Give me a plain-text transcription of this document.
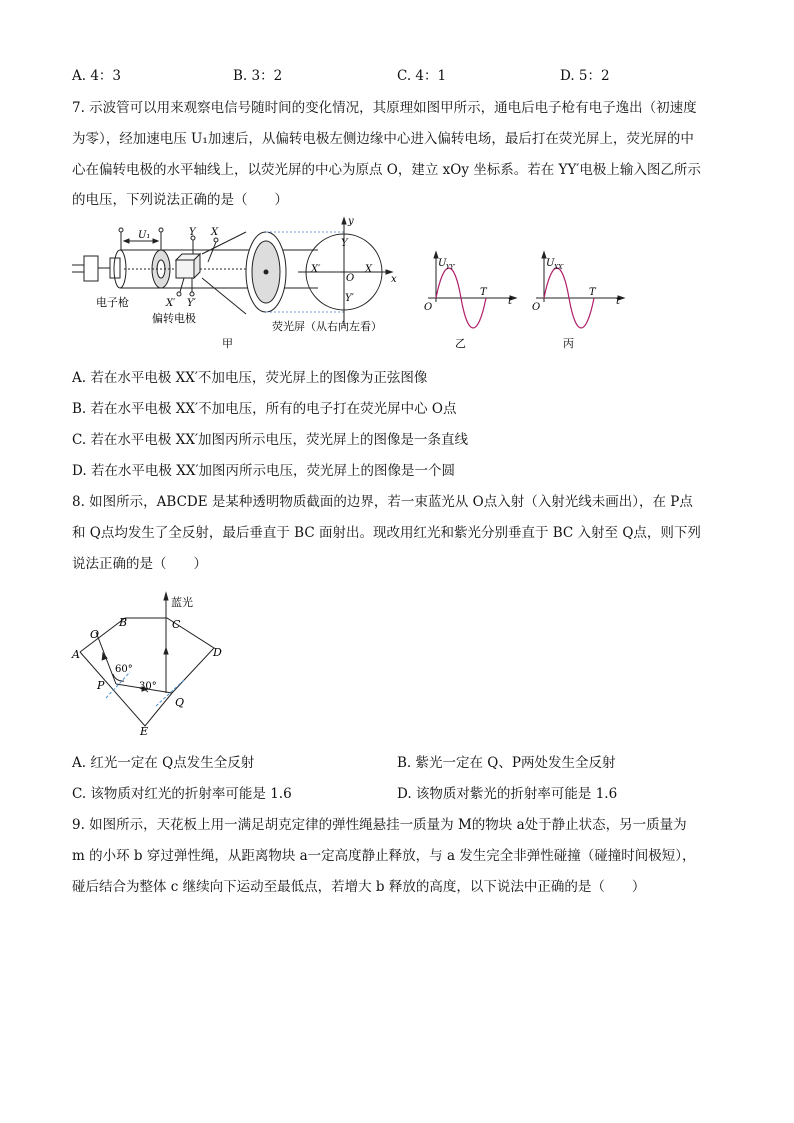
A. 4：3	B. 3：2	C. 4：1	D. 5：2
7. 示波管可以用来观察电信号随时间的变化情况，其原理如图甲所示，通电后电子枪有电子逸出（初速度
为零），经加速电压 U₁加速后，从偏转电极左侧边缘中心进入偏转电场，最后打在荧光屏上，荧光屏的中
心在偏转电极的水平轴线上，以荧光屏的中心为原点 O，建立 xOy 坐标系。若在 YY′电极上输入图乙所示
的电压，下列说法正确的是（　　）
U₁	Y X
X′ Y′
电子枪
偏转电极
y
x
Y
X′
O
X
Y′
荧光屏（从右向左看）
甲
U YY′
O
T
t
乙
U XX′
O
T
t
丙
A. 若在水平电极 XX′不加电压，荧光屏上的图像为正弦图像
B. 若在水平电极 XX′不加电压，所有的电子打在荧光屏中心 O点
C. 若在水平电极 XX′加图丙所示电压，荧光屏上的图像是一条直线
D. 若在水平电极 XX′加图丙所示电压，荧光屏上的图像是一个圆
8. 如图所示，ABCDE 是某种透明物质截面的边界，若一束蓝光从 O点入射（入射光线未画出），在 P点
和 Q点均发生了全反射，最后垂直于 BC 面射出。现改用红光和紫光分别垂直于 BC 入射至 Q点，则下列
说法正确的是（　　）
蓝光
A
B	C
D
E
O
P
Q
60°
30°
A. 红光一定在 Q点发生全反射	B. 紫光一定在 Q、P两处发生全反射
C. 该物质对红光的折射率可能是 1.6	D. 该物质对紫光的折射率可能是 1.6
9. 如图所示，天花板上用一满足胡克定律的弹性绳悬挂一质量为 M的物块 a处于静止状态，另一质量为
m 的小环 b 穿过弹性绳，从距离物块 a一定高度静止释放，与 a 发生完全非弹性碰撞（碰撞时间极短），
碰后结合为整体 c 继续向下运动至最低点，若增大 b 释放的高度，以下说法中正确的是（　　）
